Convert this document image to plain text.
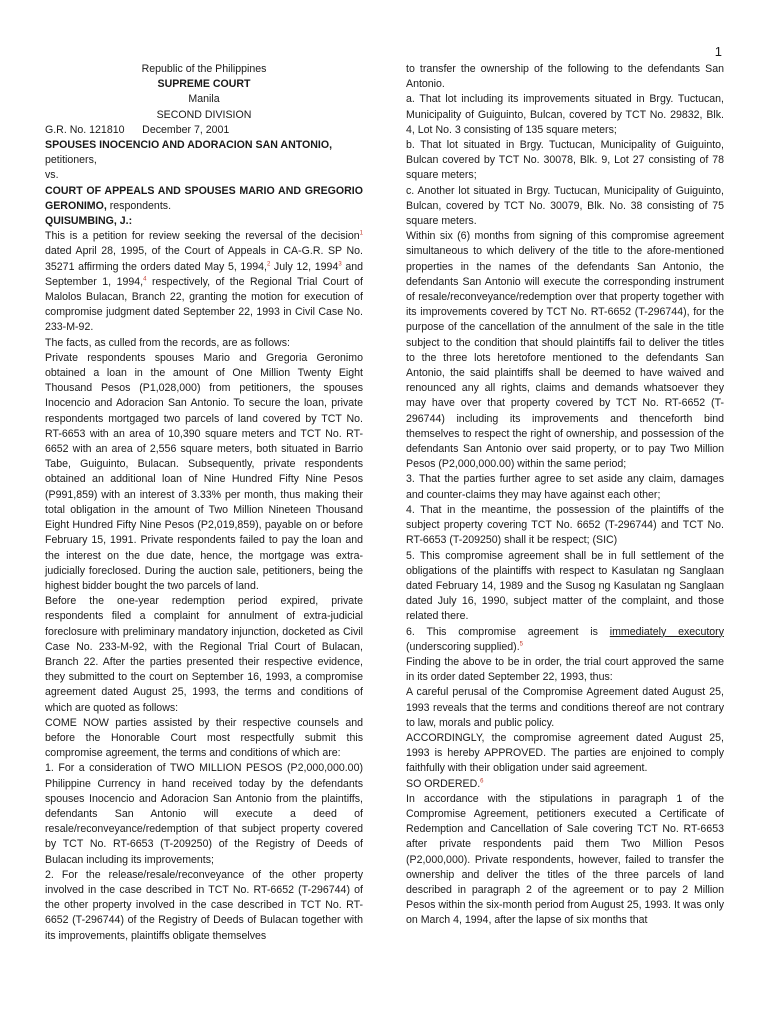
1

Republic of the Philippines

SUPREME COURT

Manila

SECOND DIVISION

G.R. No. 121810 December 7, 2001

SPOUSES INOCENCIO AND ADORACION SAN ANTONIO,

petitioners,

vs.

COURT OF APPEALS AND SPOUSES MARIO AND GREGORIO GERONIMO, respondents.

QUISUMBING, J.:

This is a petition for review seeking the reversal of the decision$^1$ dated April 28, 1995, of the Court of Appeals in CA-G.R. SP No. 35271 affirming the orders dated May 5, 1994,$^2$ July 12, 1994$^3$ and September 1, 1994,$^4$ respectively, of the Regional Trial Court of Malolos Bulacan, Branch 22, granting the motion for execution of compromise judgment dated September 22, 1993 in Civil Case No. 233-M-92.

The facts, as culled from the records, are as follows:

Private respondents spouses Mario and Gregoria Geronimo obtained a loan in the amount of One Million Twenty Eight Thousand Pesos (P1,028,000) from petitioners, the spouses Inocencio and Adoracion San Antonio. To secure the loan, private respondents mortgaged two parcels of land covered by TCT No. RT-6653 with an area of 10,390 square meters and TCT No. RT-6652 with an area of 2,556 square meters, both situated in Barrio Tabe, Guiguinto, Bulacan. Subsequently, private respondents obtained an additional loan of Nine Hundred Fifty Nine Pesos (P991,859) with an interest of 3.33% per month, thus making their total obligation in the amount of Two Million Nineteen Thousand Eight Hundred Fifty Nine Pesos (P2,019,859), payable on or before February 15, 1991. Private respondents failed to pay the loan and the interest on the due date, hence, the mortgage was extra-judicially foreclosed. During the auction sale, petitioners, being the highest bidder bought the two parcels of land.

Before the one-year redemption period expired, private respondents filed a complaint for annulment of extra-judicial foreclosure with preliminary mandatory injunction, docketed as Civil Case No. 233-M-92, with the Regional Trial Court of Bulacan, Branch 22. After the parties presented their respective evidence, they submitted to the court on September 16, 1993, a compromise agreement dated August 25, 1993, the terms and conditions of which are quoted as follows:

COME NOW parties assisted by their respective counsels and before the Honorable Court most respectfully submit this compromise agreement, the terms and conditions of which are:

1. For a consideration of TWO MILLION PESOS (P2,000,000.00) Philippine Currency in hand received today by the defendants spouses Inocencio and Adoracion San Antonio from the plaintiffs, defendants San Antonio will execute a deed of resale/reconveyance/redemption of that subject property covered by TCT No. RT-6653 (T-209250) of the Registry of Deeds of Bulacan including its improvements;

2. For the release/resale/reconveyance of the other property involved in the case described in TCT No. RT-6652 (T-296744) of the other property involved in the case described in TCT No. RT-6652 (T-296744) of the Registry of Deeds of Bulacan together with its improvements, plaintiffs obligate themselves

to transfer the ownership of the following to the defendants San Antonio.

a. That lot including its improvements situated in Brgy. Tuctucan, Municipality of Guiguinto, Bulcan, covered by TCT No. 29832, Blk. 4, Lot No. 3 consisting of 135 square meters;

b. That lot situated in Brgy. Tuctucan, Municipality of Guiguinto, Bulcan covered by TCT No. 30078, Blk. 9, Lot 27 consisting of 78 square meters;

c. Another lot situated in Brgy. Tuctucan, Municipality of Guiguinto, Bulcan, covered by TCT No. 30079, Blk. No. 38 consisting of 75 square meters.

Within six (6) months from signing of this compromise agreement simultaneous to which delivery of the title to the afore-mentioned properties in the names of the defendants San Antonio, the defendants San Antonio will execute the corresponding instrument of resale/reconveyance/redemption over that property together with its improvements covered by TCT No. RT-6652 (T-296744), for the purpose of the cancellation of the annulment of the sale in the title subject to the condition that should plaintiffs fail to deliver the titles to the three lots heretofore mentioned to the defendants San Antonio, the said plaintiffs shall be deemed to have waived and renounced any all rights, claims and demands whatsoever they may have over that property covered by TCT No. RT-6652 (T-296744) including its improvements and thenceforth bind themselves to respect the right of ownership, and possession of the defendants San Antonio over said property, or to pay Two Million Pesos (P2,000,000.00) within the same period;

3. That the parties further agree to set aside any claim, damages and counter-claims they may have against each other;

4. That in the meantime, the possession of the plaintiffs of the subject property covering TCT No. 6652 (T-296744) and TCT No. RT-6653 (T-209250) shall it be respect; (SIC)

5. This compromise agreement shall be in full settlement of the obligations of the plaintiffs with respect to Kasulatan ng Sanglaan dated February 14, 1989 and the Susog ng Kasulatan ng Sanglaan dated July 16, 1990, subject matter of the complaint, and those related there.

6. This compromise agreement is immediately executory (underscoring supplied).$^5$

Finding the above to be in order, the trial court approved the same in its order dated September 22, 1993, thus:

A careful perusal of the Compromise Agreement dated August 25, 1993 reveals that the terms and conditions thereof are not contrary to law, morals and public policy.

ACCORDINGLY, the compromise agreement dated August 25, 1993 is hereby APPROVED. The parties are enjoined to comply faithfully with their obligation under said agreement.

SO ORDERED.$^6$

In accordance with the stipulations in paragraph 1 of the Compromise Agreement, petitioners executed a Certificate of Redemption and Cancellation of Sale covering TCT No. RT-6653 after private respondents paid them Two Million Pesos (P2,000,000). Private respondents, however, failed to transfer the ownership and deliver the titles of the three parcels of land described in paragraph 2 of the agreement or to pay 2 Million Pesos within the six-month period from August 25, 1993. It was only on March 4, 1994, after the lapse of six months that
